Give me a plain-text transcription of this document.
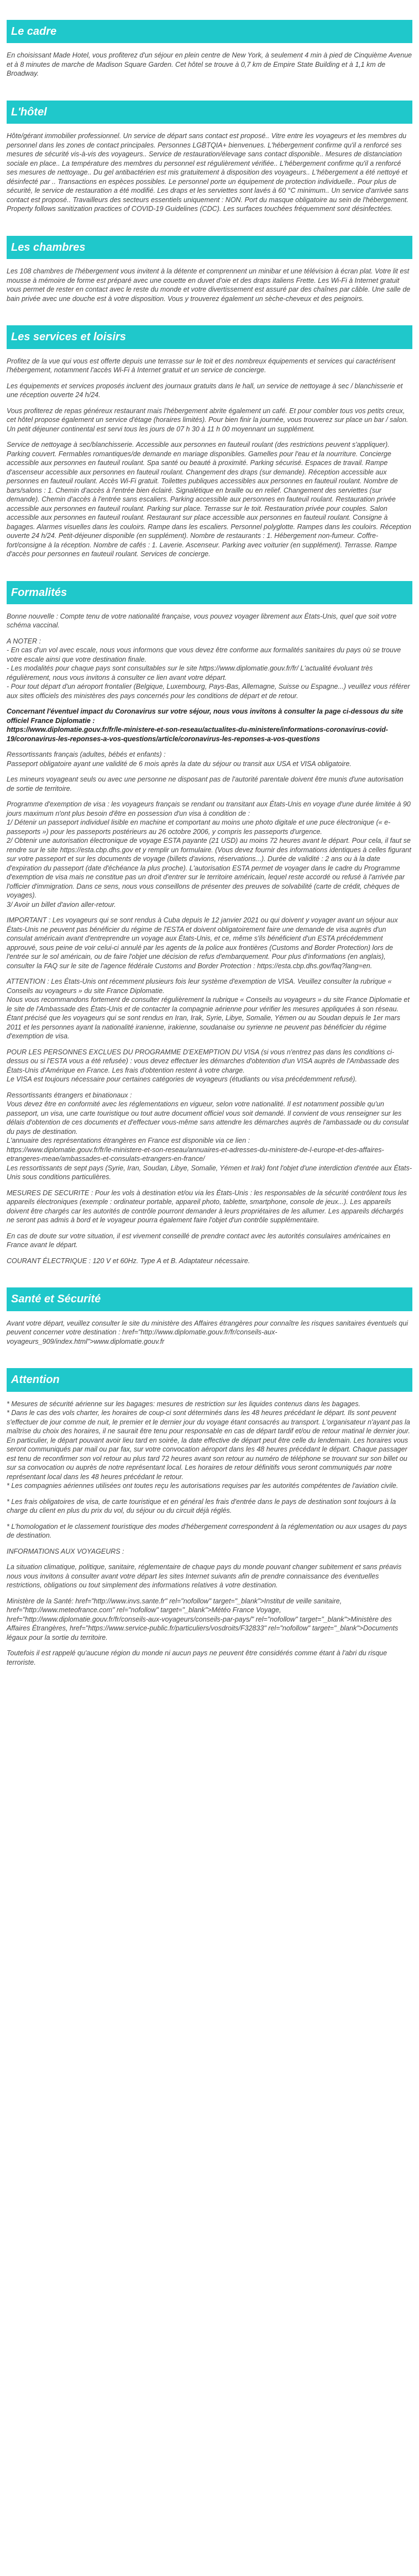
Le cadre

En choisissant Made Hotel, vous profiterez d'un séjour en plein centre de New York, à seulement 4 min à pied de Cinquième Avenue et à 8 minutes de marche de Madison Square Garden. Cet hôtel se trouve à 0,7 km de Empire State Building et à 1,1 km de Broadway.

L'hôtel

Hôte/gérant immobilier professionnel. Un service de départ sans contact est proposé.. Vitre entre les voyageurs et les membres du personnel dans les zones de contact principales. Personnes LGBTQIA+ bienvenues. L'hébergement confirme qu'il a renforcé ses mesures de sécurité vis-à-vis des voyageurs.. Service de restauration/élevage sans contact disponible.. Mesures de distanciation sociale en place.. La température des membres du personnel est régulièrement vérifiée.. L'hébergement confirme qu'il a renforcé ses mesures de nettoyage.. Du gel antibactérien est mis gratuitement à disposition des voyageurs.. L'hébergement a été nettoyé et désinfecté par .. Transactions en espèces possibles. Le personnel porte un équipement de protection individuelle.. Pour plus de sécurité, le service de restauration a été modifié. Les draps et les serviettes sont lavés à 60 °C minimum.. Un service d'arrivée sans contact est proposé.. Travailleurs des secteurs essentiels uniquement : NON. Port du masque obligatoire au sein de l'hébergement. Property follows sanitization practices of COVID-19 Guidelines (CDC). Les surfaces touchées fréquemment sont désinfectées.

Les chambres

Les 108 chambres de l'hébergement vous invitent à la détente et comprennent un minibar et une télévision à écran plat. Votre lit est mousse à mémoire de forme est préparé avec une couette en duvet d'oie et des draps italiens Frette. Les Wi-Fi à Internet gratuit vous permet de rester en contact avec le reste du monde et votre divertissement est assuré par des chaînes par câble. Une salle de bain privée avec une douche est à votre disposition. Vous y trouverez également un sèche-cheveux et des peignoirs.

Les services et loisirs

Profitez de la vue qui vous est offerte depuis une terrasse sur le toit et des nombreux équipements et services qui caractérisent l'hébergement, notamment l'accès Wi-Fi à Internet gratuit et un service de concierge.

Les équipements et services proposés incluent des journaux gratuits dans le hall, un service de nettoyage à sec / blanchisserie et une réception ouverte 24 h/24.

Vous profiterez de repas généreux restaurant mais l'hébergement abrite également un café. Et pour combler tous vos petits creux, cet hôtel propose également un service d'étage (horaires limités). Pour bien finir la journée, vous trouverez sur place un bar / salon. Un petit déjeuner continental est servi tous les jours de 07 h 30 à 11 h 00 moyennant un supplément.

Service de nettoyage à sec/blanchisserie. Accessible aux personnes en fauteuil roulant (des restrictions peuvent s'appliquer). Parking couvert. Fermables romantiques/de demande en mariage disponibles. Gamelles pour l'eau et la nourriture. Concierge accessible aux personnes en fauteuil roulant. Spa santé ou beauté à proximité. Parking sécurisé. Espaces de travail. Rampe d'ascenseur accessible aux personnes en fauteuil roulant. Changement des draps (sur demande). Réception accessible aux personnes en fauteuil roulant. Accès Wi-Fi gratuit. Toilettes publiques accessibles aux personnes en fauteuil roulant. Nombre de bars/salons : 1. Chemin d'accès à l'entrée bien éclairé. Signalétique en braille ou en relief. Changement des serviettes (sur demande). Chemin d'accès à l'entrée sans escaliers. Parking accessible aux personnes en fauteuil roulant. Restauration privée accessible aux personnes en fauteuil roulant. Parking sur place. Terrasse sur le toit. Restauration privée pour couples. Salon accessible aux personnes en fauteuil roulant. Restaurant sur place accessible aux personnes en fauteuil roulant. Consigne à bagages. Alarmes visuelles dans les couloirs. Rampe dans les escaliers. Personnel polyglotte. Rampes dans les couloirs. Réception ouverte 24 h/24. Petit-déjeuner disponible (en supplément). Nombre de restaurants : 1. Hébergement non-fumeur. Coffre-fort/consigne à la réception. Nombre de cafés : 1. Laverie. Ascenseur. Parking avec voiturier (en supplément). Terrasse. Rampe d'accès pour personnes en fauteuil roulant. Services de concierge.

Formalités

Bonne nouvelle : Compte tenu de votre nationalité française, vous pouvez voyager librement aux États-Unis, quel que soit votre schéma vaccinal.

A NOTER :
- En cas d'un vol avec escale, nous vous informons que vous devez être conforme aux formalités sanitaires du pays où se trouve votre escale ainsi que votre destination finale.
- Les modalités pour chaque pays sont consultables sur le site https://www.diplomatie.gouv.fr/fr/ L'actualité évoluant très régulièrement, nous vous invitons à consulter ce lien avant votre départ.
- Pour tout départ d'un aéroport frontalier (Belgique, Luxembourg, Pays-Bas, Allemagne, Suisse ou Espagne...) veuillez vous référer aux sites officiels des ministères des pays concernés pour les conditions de départ et de retour.

Concernant l'éventuel impact du Coronavirus sur votre séjour, nous vous invitons à consulter la page ci-dessous du site officiel France Diplomatie :
https://www.diplomatie.gouv.fr/fr/le-ministere-et-son-reseau/actualites-du-ministere/informations-coronavirus-covid-19/coronavirus-les-reponses-a-vos-questions/article/coronavirus-les-reponses-a-vos-questions

Ressortissants français (adultes, bébés et enfants) :
Passeport obligatoire ayant une validité de 6 mois après la date du séjour ou transit aux USA et VISA obligatoire.

Les mineurs voyageant seuls ou avec une personne ne disposant pas de l'autorité parentale doivent être munis d'une autorisation de sortie de territoire.

Programme d'exemption de visa : les voyageurs français se rendant ou transitant aux États-Unis en voyage d'une durée limitée à 90 jours maximum n'ont plus besoin d'être en possession d'un visa à condition de :
1/ Détenir un passeport individuel lisible en machine et comportant au moins une photo digitale et une puce électronique (« e-passeports ») pour les passeports postérieurs au 26 octobre 2006, y compris les passeports d'urgence.
2/ Obtenir une autorisation électronique de voyage ESTA payante (21 USD) au moins 72 heures avant le départ. Pour cela, il faut se rendre sur le site https://esta.cbp.dhs.gov et y remplir un formulaire. (Vous devez fournir des informations identiques à celles figurant sur votre passeport et sur les documents de voyage (billets d'avions, réservations...). Durée de validité : 2 ans ou à la date d'expiration du passeport (date d'échéance la plus proche). L'autorisation ESTA permet de voyager dans le cadre du Programme d'exemption de visa mais ne constitue pas un droit d'entrer sur le territoire américain, lequel reste accordé ou refusé à l'arrivée par l'officier d'immigration. Dans ce sens, nous vous conseillons de présenter des preuves de solvabilité (carte de crédit, chèques de voyages).
3/ Avoir un billet d'avion aller-retour.

IMPORTANT : Les voyageurs qui se sont rendus à Cuba depuis le 12 janvier 2021 ou qui doivent y voyager avant un séjour aux États-Unis ne peuvent pas bénéficier du régime de l'ESTA et doivent obligatoirement faire une demande de visa auprès d'un consulat américain avant d'entreprendre un voyage aux États-Unis, et ce, même s'ils bénéficient d'un ESTA précédemment approuvé, sous peine de voir celui-ci annulé par les agents de la police aux frontières (Customs and Border Protection) lors de l'entrée sur le sol américain, ou de faire l'objet une décision de refus d'embarquement. Pour plus d'informations (en anglais), consulter la FAQ sur le site de l'agence fédérale Customs and Border Protection : https://esta.cbp.dhs.gov/faq?lang=en.

ATTENTION : Les États-Unis ont récemment plusieurs fois leur système d'exemption de VISA. Veuillez consulter la rubrique « Conseils au voyageurs » du site France Diplomatie.
Nous vous recommandons fortement de consulter régulièrement la rubrique « Conseils au voyageurs » du site France Diplomatie et le site de l'Ambassade des États-Unis et de contacter la compagnie aérienne pour vérifier les mesures appliquées à son réseau.
Étant précisé que les voyageurs qui se sont rendus en Iran, Irak, Syrie, Libye, Somalie, Yémen ou au Soudan depuis le 1er mars 2011 et les personnes ayant la nationalité iranienne, irakienne, soudanaise ou syrienne ne peuvent pas bénéficier du régime d'exemption de visa.

POUR LES PERSONNES EXCLUES DU PROGRAMME D'EXEMPTION DU VISA (si vous n'entrez pas dans les conditions ci-dessus ou si l'ESTA vous a été refusée) : vous devez effectuer les démarches d'obtention d'un VISA auprès de l'Ambassade des États-Unis d'Amérique en France. Les frais d'obtention restent à votre charge.
Le VISA est toujours nécessaire pour certaines catégories de voyageurs (étudiants ou visa précédemment refusé).

Ressortissants étrangers et binationaux :
Vous devez être en conformité avec les réglementations en vigueur, selon votre nationalité. Il est notamment possible qu'un passeport, un visa, une carte touristique ou tout autre document officiel vous soit demandé. Il convient de vous renseigner sur les délais d'obtention de ces documents et d'effectuer vous-même sans attendre les démarches auprès de l'ambassade ou du consulat du pays de destination.
L'annuaire des représentations étrangères en France est disponible via ce lien :
https://www.diplomatie.gouv.fr/fr/le-ministere-et-son-reseau/annuaires-et-adresses-du-ministere-de-l-europe-et-des-affaires-etrangeres-meae/ambassades-et-consulats-etrangers-en-france/
Les ressortissants de sept pays (Syrie, Iran, Soudan, Libye, Somalie, Yémen et Irak) font l'objet d'une interdiction d'entrée aux États-Unis sous conditions particulières.

MESURES DE SECURITE : Pour les vols à destination et/ou via les États-Unis : les responsables de la sécurité contrôlent tous les appareils électroniques (exemple : ordinateur portable, appareil photo, tablette, smartphone, console de jeux...). Les appareils doivent être chargés car les autorités de contrôle pourront demander à leurs propriétaires de les allumer. Les appareils déchargés ne seront pas admis à bord et le voyageur pourra également faire l'objet d'un contrôle supplémentaire.

En cas de doute sur votre situation, il est vivement conseillé de prendre contact avec les autorités consulaires américaines en France avant le départ.

COURANT ÉLECTRIQUE : 120 V et 60Hz. Type A et B. Adaptateur nécessaire.

Santé et Sécurité

Avant votre départ, veuillez consulter le site du ministère des Affaires étrangères pour connaître les risques sanitaires éventuels qui peuvent concerner votre destination : href="http://www.diplomatie.gouv.fr/fr/conseils-aux-voyageurs_909/index.html">www.diplomatie.gouv.fr

Attention

* Mesures de sécurité aérienne sur les bagages: mesures de restriction sur les liquides contenus dans les bagages.
* Dans le cas des vols charter, les horaires de coup-ci sont déterminés dans les 48 heures précédant le départ. Ils sont peuvent s'effectuer de jour comme de nuit, le premier et le dernier jour du voyage étant consacrés au transport. L'organisateur n'ayant pas la maîtrise du choix des horaires, il ne saurait être tenu pour responsable en cas de départ tardif et/ou de retour matinal le dernier jour. En particulier, le départ pouvant avoir lieu tard en soirée, la date effective de départ peut être celle du lendemain. Les horaires vous seront communiqués par mail ou par fax, sur votre convocation aéroport dans les 48 heures précédant le départ. Chaque passager est tenu de reconfirmer son vol retour au plus tard 72 heures avant son retour au numéro de téléphone se trouvant sur son billet ou sur sa convocation ou auprès de notre représentant local. Les horaires de retour définitifs vous seront communiqués par notre représentant local dans les 48 heures précédant le retour.
* Les compagnies aériennes utilisées ont toutes reçu les autorisations requises par les autorités compétentes de l'aviation civile.

* Les frais obligatoires de visa, de carte touristique et en général les frais d'entrée dans le pays de destination sont toujours à la charge du client en plus du prix du vol, du séjour ou du circuit déjà réglés.

* L'homologation et le classement touristique des modes d'hébergement correspondent à la réglementation ou aux usages du pays de destination.

INFORMATIONS AUX VOYAGEURS :

La situation climatique, politique, sanitaire, réglementaire de chaque pays du monde pouvant changer subitement et sans préavis
nous vous invitons à consulter avant votre départ les sites Internet suivants afin de prendre connaissance des éventuelles restrictions, obligations ou tout simplement des informations relatives à votre destination.

Ministère de la Santé: href="http://www.invs.sante.fr" rel="nofollow" target="_blank">Institut de veille sanitaire, href="http://www.meteofrance.com" rel="nofollow" target="_blank">Météo France Voyage, href="http://www.diplomatie.gouv.fr/fr/conseils-aux-voyageurs/conseils-par-pays/" rel="nofollow" target="_blank">Ministère des Affaires Étrangères, href="https://www.service-public.fr/particuliers/vosdroits/F32833" rel="nofollow" target="_blank">Documents légaux pour la sortie du territoire.

Toutefois il est rappelé qu'aucune région du monde ni aucun pays ne peuvent être considérés comme étant à l'abri du risque terroriste.
